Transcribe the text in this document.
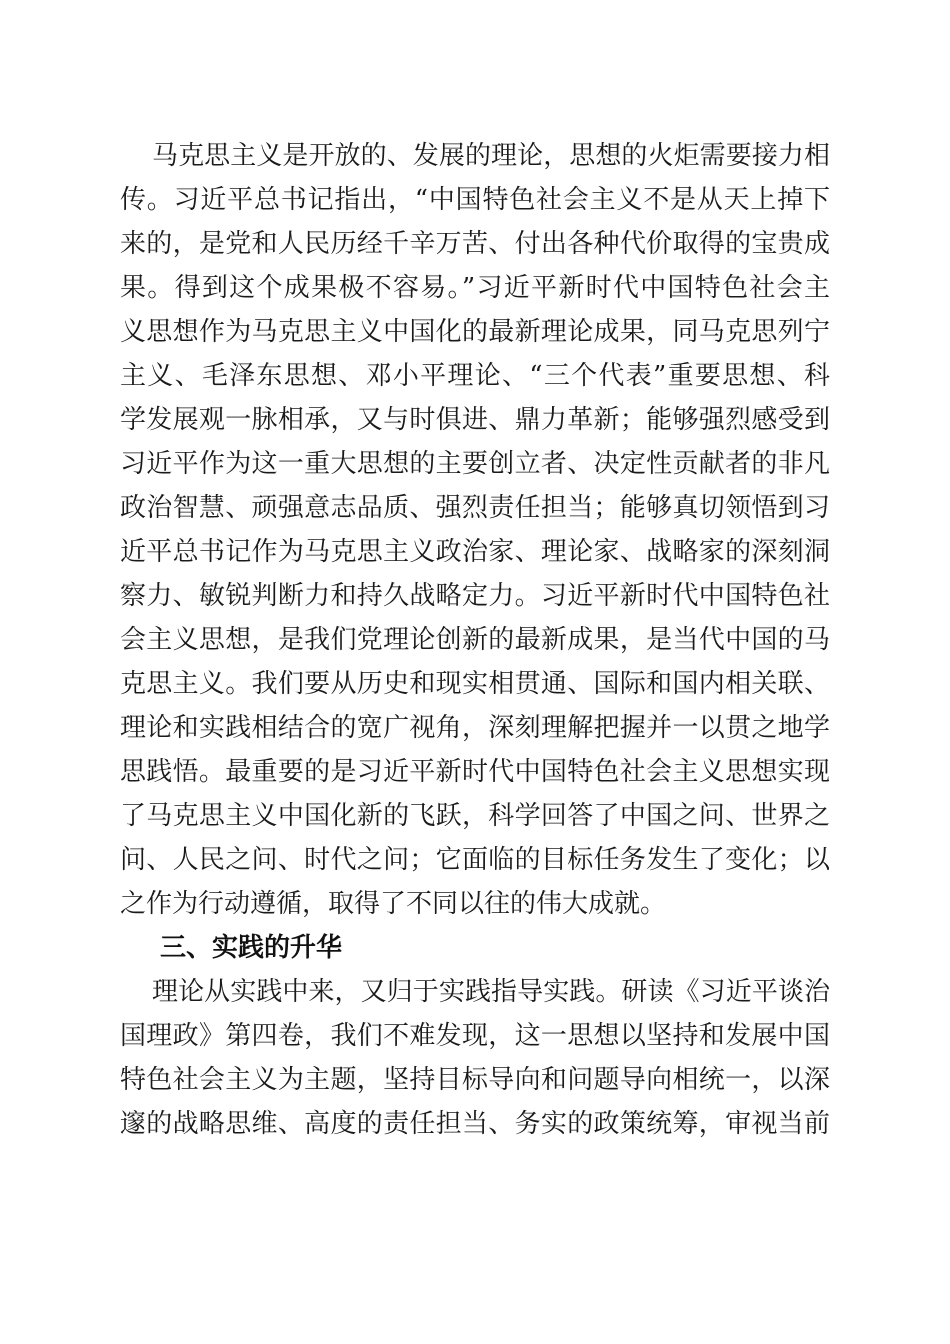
马克思主义是开放的、发展的理论，思想的火炬需要接力相
传。习近平总书记指出，“中国特色社会主义不是从天上掉下
来的，是党和人民历经千辛万苦、付出各种代价取得的宝贵成
果。得到这个成果极不容易。”习近平新时代中国特色社会主
义思想作为马克思主义中国化的最新理论成果，同马克思列宁
主义、毛泽东思想、邓小平理论、“三个代表”重要思想、科
学发展观一脉相承，又与时俱进、鼎力革新；能够强烈感受到
习近平作为这一重大思想的主要创立者、决定性贡献者的非凡
政治智慧、顽强意志品质、强烈责任担当；能够真切领悟到习
近平总书记作为马克思主义政治家、理论家、战略家的深刻洞
察力、敏锐判断力和持久战略定力。习近平新时代中国特色社
会主义思想，是我们党理论创新的最新成果，是当代中国的马
克思主义。我们要从历史和现实相贯通、国际和国内相关联、
理论和实践相结合的宽广视角，深刻理解把握并一以贯之地学
思践悟。最重要的是习近平新时代中国特色社会主义思想实现
了马克思主义中国化新的飞跃，科学回答了中国之问、世界之
问、人民之问、时代之问；它面临的目标任务发生了变化；以
之作为行动遵循，取得了不同以往的伟大成就。
三、实践的升华
理论从实践中来，又归于实践指导实践。研读《习近平谈治
国理政》第四卷，我们不难发现，这一思想以坚持和发展中国
特色社会主义为主题，坚持目标导向和问题导向相统一，以深
邃的战略思维、高度的责任担当、务实的政策统筹，审视当前
